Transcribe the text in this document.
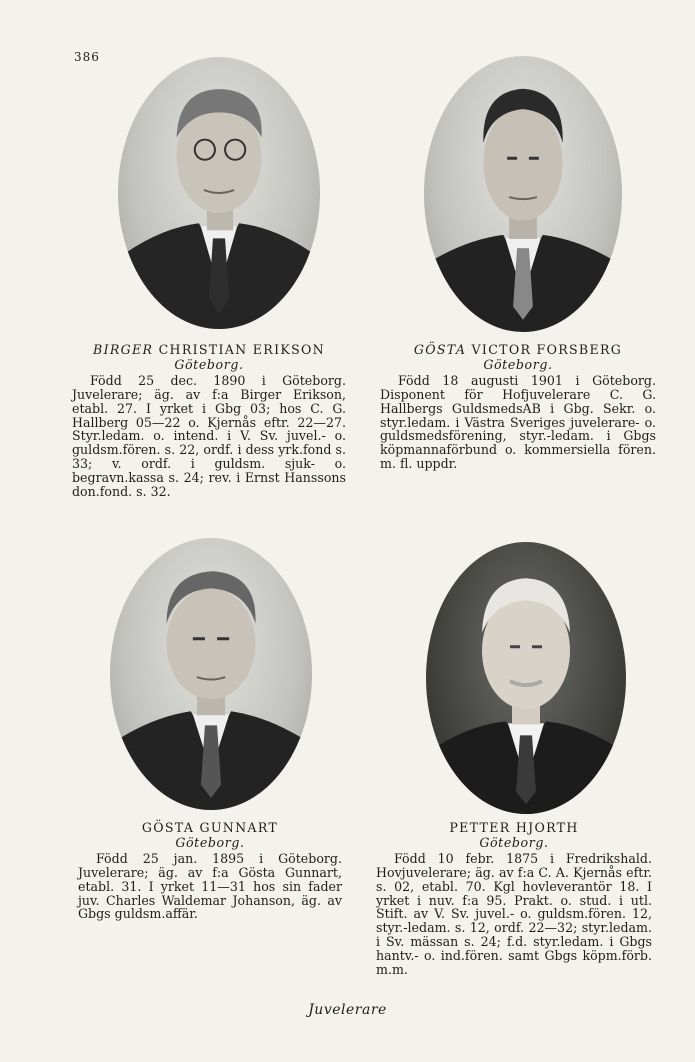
386
BIRGER CHRISTIAN ERIKSON
Göteborg.
Född 25 dec. 1890 i Göteborg. Juvelerare; äg. av f:a Birger Erikson, etabl. 27. I yrket i Gbg 03; hos C. G. Hallberg 05—22 o. Kjernås eftr. 22—27. Styr.ledam. o. intend. i V. Sv. juvel.- o. guldsm.fören. s. 22, ordf. i dess yrk.fond s. 33; v. ordf. i guldsm. sjuk- o. begravn.kassa s. 24; rev. i Ernst Hanssons don.fond. s. 32.
GÖSTA VICTOR FORSBERG
Göteborg.
Född 18 augusti 1901 i Göteborg. Disponent för Hofjuvelerare C. G. Hallbergs GuldsmedsAB i Gbg. Sekr. o. styr.ledam. i Västra Sveriges juvelerare- o. guldsmedsförening, styr.-ledam. i Gbgs köpmannaförbund o. kommersiella fören. m. fl. uppdr.
GÖSTA GUNNART
Göteborg.
Född 25 jan. 1895 i Göteborg. Juvelerare; äg. av f:a Gösta Gunnart, etabl. 31. I yrket 11—31 hos sin fader juv. Charles Waldemar Johanson, äg. av Gbgs guldsm.affär.
PETTER HJORTH
Göteborg.
Född 10 febr. 1875 i Fredrikshald. Hovjuvelerare; äg. av f:a C. A. Kjernås eftr. s. 02, etabl. 70. Kgl hovleverantör 18. I yrket i nuv. f:a 95. Prakt. o. stud. i utl. Stift. av V. Sv. juvel.- o. guldsm.fören. 12, styr.-ledam. s. 12, ordf. 22—32; styr.ledam. i Sv. mässan s. 24; f.d. styr.ledam. i Gbgs hantv.- o. ind.fören. samt Gbgs köpm.förb. m.m.
Juvelerare
